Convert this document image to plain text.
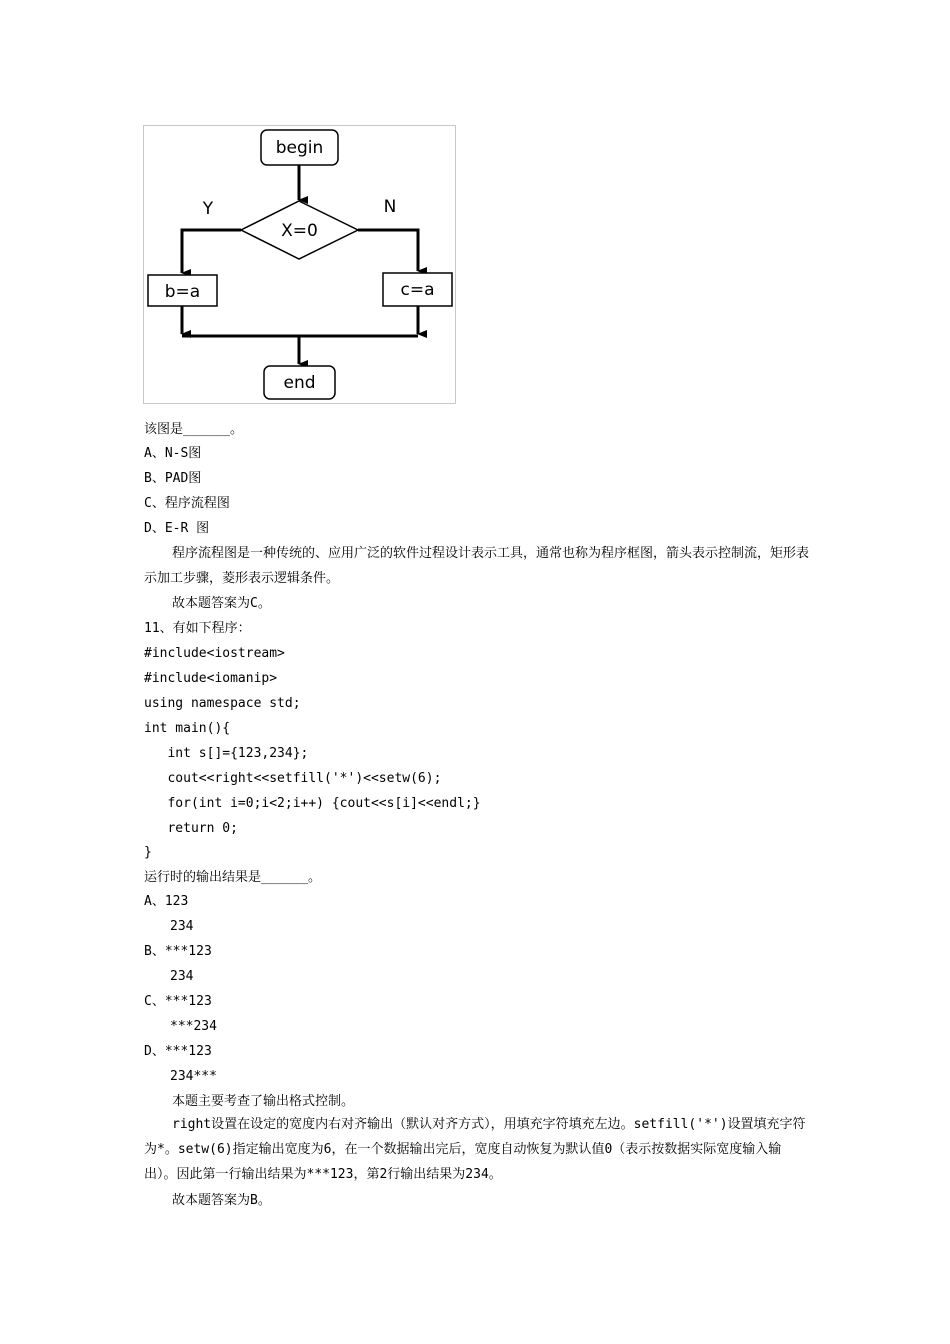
begin
X=0
Y	N
b=a	c=a
end
该图是______。
A、N-S图
B、PAD图
C、程序流程图
D、E-R 图
程序流程图是一种传统的、应用广泛的软件过程设计表示工具，通常也称为程序框图，箭头表示控制流，矩形表示加工步骤，菱形表示逻辑条件。
故本题答案为C。
11、有如下程序：
#include<iostream>
#include<iomanip>
using namespace std;
int main(){
int s[]={123,234};
cout<<right<<setfill('*')<<setw(6);
for(int i=0;i<2;i++) {cout<<s[i]<<endl;}
return 0;
}
运行时的输出结果是______。
A、123
234
B、***123
234
C、***123
***234
D、***123
234***
本题主要考查了输出格式控制。
right设置在设定的宽度内右对齐输出（默认对齐方式），用填充字符填充左边。setfill('*')设置填充字符为*。setw(6)指定输出宽度为6，在一个数据输出完后，宽度自动恢复为默认值0（表示按数据实际宽度输入输出）。因此第一行输出结果为***123，第2行输出结果为234。
故本题答案为B。
